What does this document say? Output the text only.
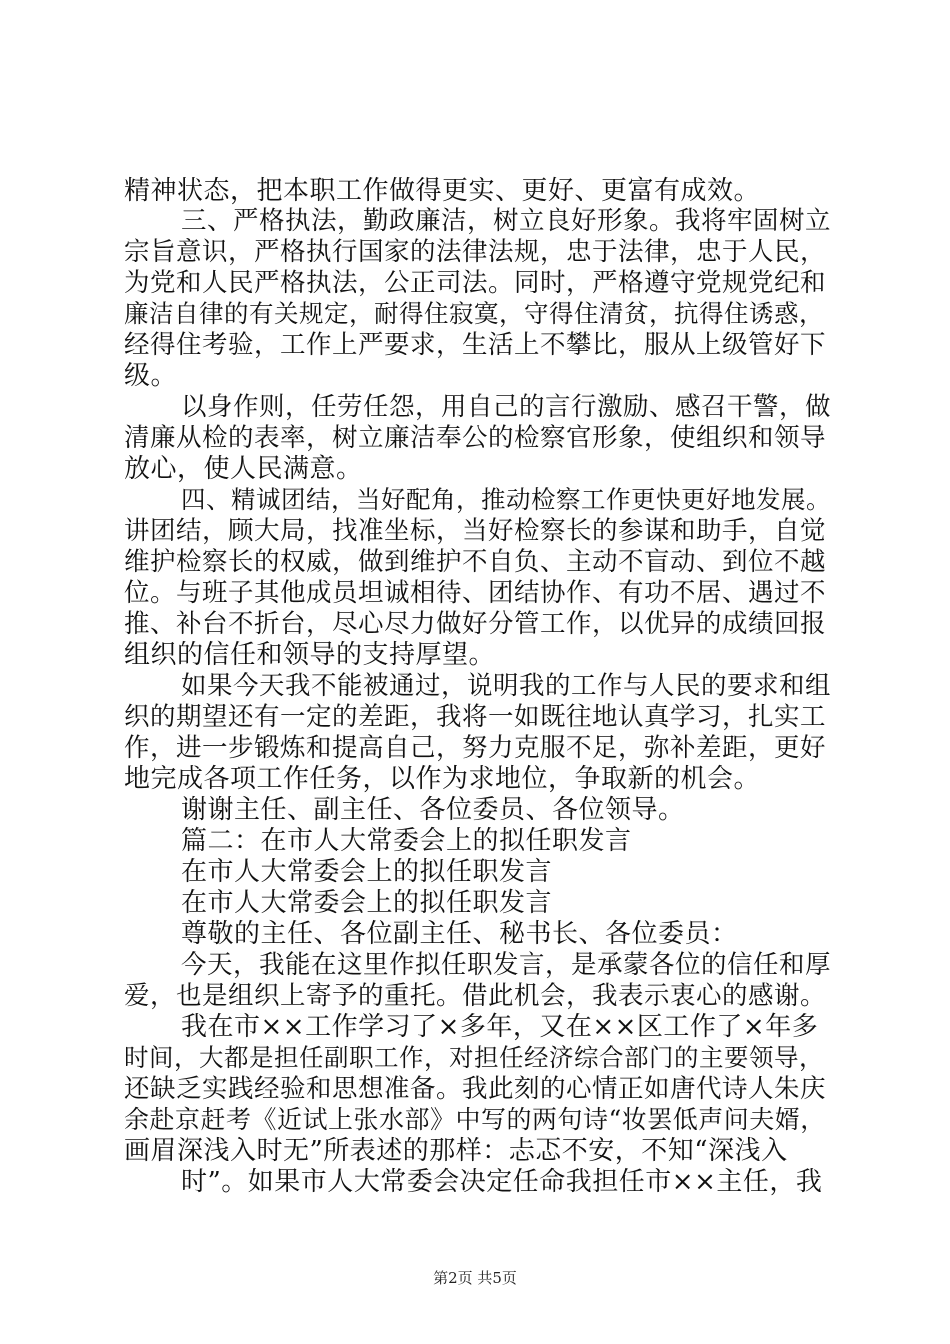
精神状态，把本职工作做得更实、更好、更富有成效。
三、严格执法，勤政廉洁，树立良好形象。我将牢固树立
宗旨意识，严格执行国家的法律法规，忠于法律，忠于人民，
为党和人民严格执法，公正司法。同时，严格遵守党规党纪和
廉洁自律的有关规定，耐得住寂寞，守得住清贫，抗得住诱惑，
经得住考验，工作上严要求，生活上不攀比，服从上级管好下
级。
以身作则，任劳任怨，用自己的言行激励、感召干警，做
清廉从检的表率，树立廉洁奉公的检察官形象，使组织和领导
放心，使人民满意。
四、精诚团结，当好配角，推动检察工作更快更好地发展。
讲团结，顾大局，找准坐标，当好检察长的参谋和助手，自觉
维护检察长的权威，做到维护不自负、主动不盲动、到位不越
位。与班子其他成员坦诚相待、团结协作、有功不居、遇过不
推、补台不折台，尽心尽力做好分管工作，以优异的成绩回报
组织的信任和领导的支持厚望。
如果今天我不能被通过，说明我的工作与人民的要求和组
织的期望还有一定的差距，我将一如既往地认真学习，扎实工
作，进一步锻炼和提高自己，努力克服不足，弥补差距，更好
地完成各项工作任务，以作为求地位，争取新的机会。
谢谢主任、副主任、各位委员、各位领导。
篇二：在市人大常委会上的拟任职发言
在市人大常委会上的拟任职发言
在市人大常委会上的拟任职发言
尊敬的主任、各位副主任、秘书长、各位委员：
今天，我能在这里作拟任职发言，是承蒙各位的信任和厚
爱，也是组织上寄予的重托。借此机会，我表示衷心的感谢。
我在市××工作学习了×多年，又在××区工作了×年多
时间，大都是担任副职工作，对担任经济综合部门的主要领导，
还缺乏实践经验和思想准备。我此刻的心情正如唐代诗人朱庆
余赴京赶考《近试上张水部》中写的两句诗“妆罢低声问夫婿，
画眉深浅入时无”所表述的那样：忐忑不安，不知“深浅入
时”。如果市人大常委会决定任命我担任市××主任，我
第2页 共5页
